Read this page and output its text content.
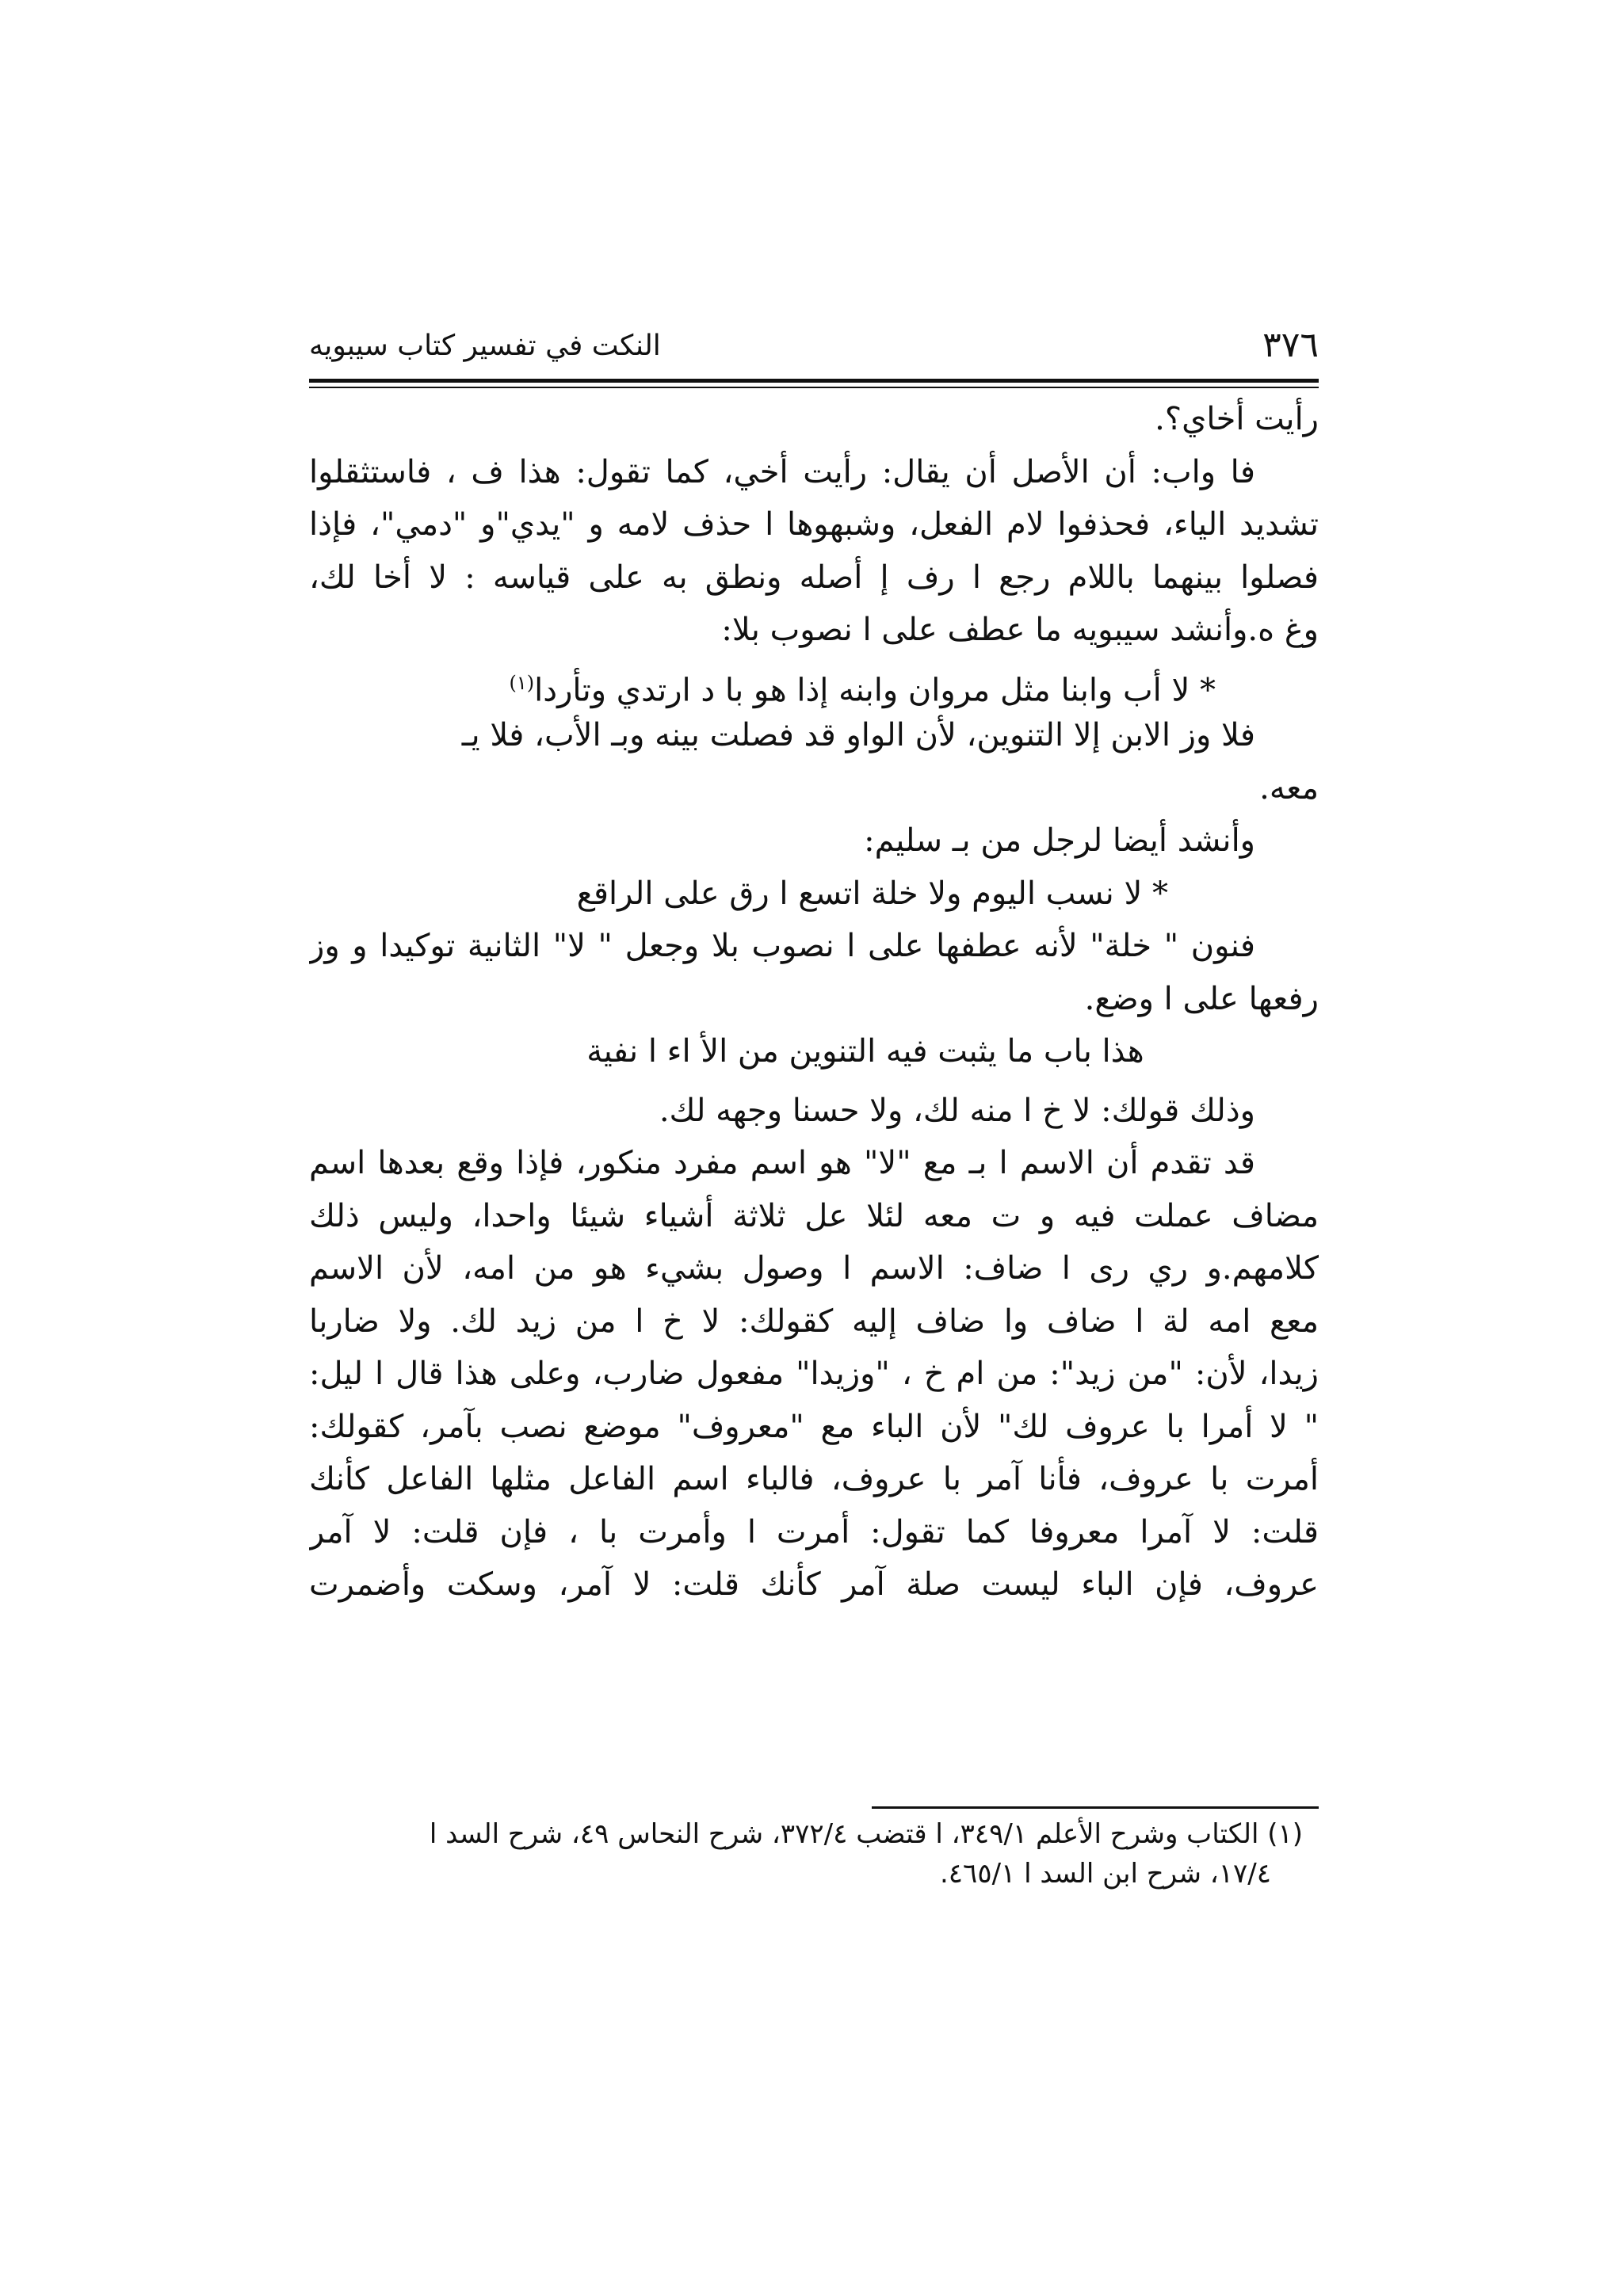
٣٧٦
النكت في تفسير كتاب سيبويه
رأيت أخاي؟.
فا واب: أن الأصل أن يقال: رأيت أخي، كما تقول: هذا ف ، فاستثقلوا
تشديد الياء، فحذفوا لام الفعل، وشبهوها ا حذف لامه و "يدي"و "دمي"، فإذا
فصلوا بينهما باللام رجع ا رف إ أصله ونطق به على قياسه : لا أخا لك،
وغ ه.وأنشد سيبويه ما عطف على ا نصوب بلا:
* لا أب وابنا مثل مروان وابنه إذا هو با د ارتدي وتأردا$^{(١)}$
فلا وز الابن إلا التنوين، لأن الواو قد فصلت بينه وبـ الأب، فلا يـ
معه.
وأنشد أيضا لرجل من بـ سليم:
* لا نسب اليوم ولا خلة اتسع ا رق على الراقع
فنون " خلة" لأنه عطفها على ا نصوب بلا وجعل " لا" الثانية توكيدا و وز
رفعها على ا وضع.
هذا باب ما يثبت فيه التنوين من الأ اء ا نفية
وذلك قولك: لا خ ا منه لك، ولا حسنا وجهه لك.
قد تقدم أن الاسم ا بـ مع "لا" هو اسم مفرد منكور، فإذا وقع بعدها اسم
مضاف عملت فيه و ت معه لئلا عل ثلاثة أشياء شيئا واحدا، وليس ذلك
كلامهم.و ري رى ا ضاف: الاسم ا وصول بشيء هو من امه، لأن الاسم
معع امه لة ا ضاف وا ضاف إليه كقولك: لا خ ا من زيد لك. ولا ضاربا
زيدا، لأن: "من زيد": من ام خ ، "وزيدا" مفعول ضارب، وعلى هذا قال ا ليل:
" لا أمرا با عروف لك" لأن الباء مع "معروف" موضع نصب بآمر، كقولك:
أمرت با عروف، فأنا آمر با عروف، فالباء اسم الفاعل مثلها الفاعل كأنك
قلت: لا آمرا معروفا كما تقول: أمرت ا وأمرت با ، فإن قلت: لا آمر
عروف، فإن الباء ليست صلة آمر كأنك قلت: لا آمر، وسكت وأضمرت
(١) الكتاب وشرح الأعلم ٣٤٩/١، ا قتضب ٣٧٢/٤، شرح النحاس ٤٩، شرح السد ا
١٧/٤، شرح ابن السد ا ٤٦٥/١.
